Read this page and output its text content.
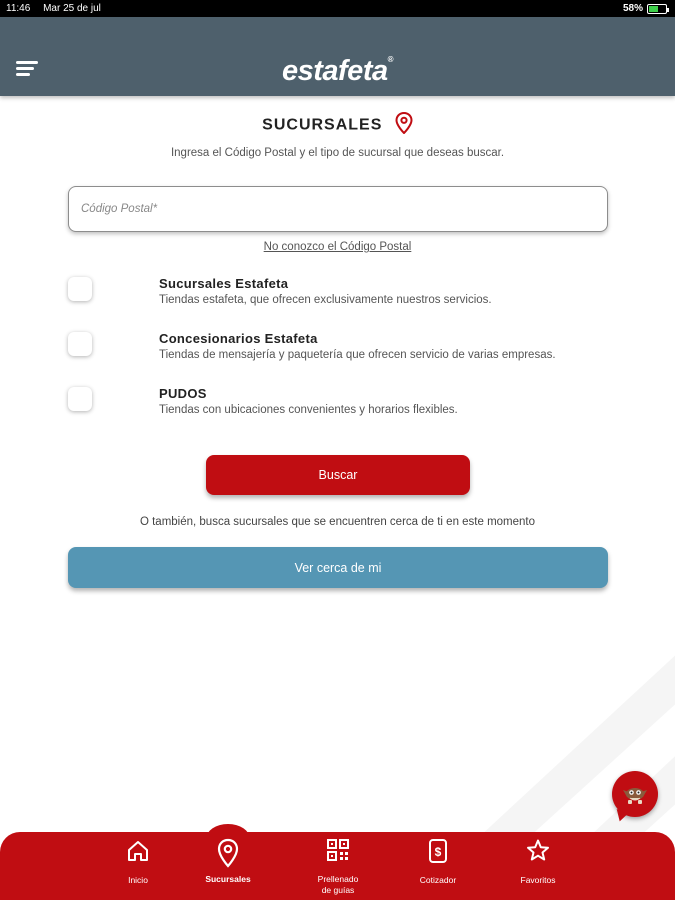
11:46 Mar 25 de jul	58%
estafeta®
SUCURSALES
Ingresa el Código Postal y el tipo de sucursal que deseas buscar.
Código Postal*
No conozco el Código Postal
Sucursales Estafeta
Tiendas estafeta, que ofrecen exclusivamente nuestros servicios.
Concesionarios Estafeta
Tiendas de mensajería y paquetería que ofrecen servicio de varias empresas.
PUDOS
Tiendas con ubicaciones convenientes y horarios flexibles.
Buscar
O también, busca sucursales que se encuentren cerca de ti en este momento
Ver cerca de mi
Inicio	Sucursales	Prellenado de guías
$
Cotizador	Favoritos
